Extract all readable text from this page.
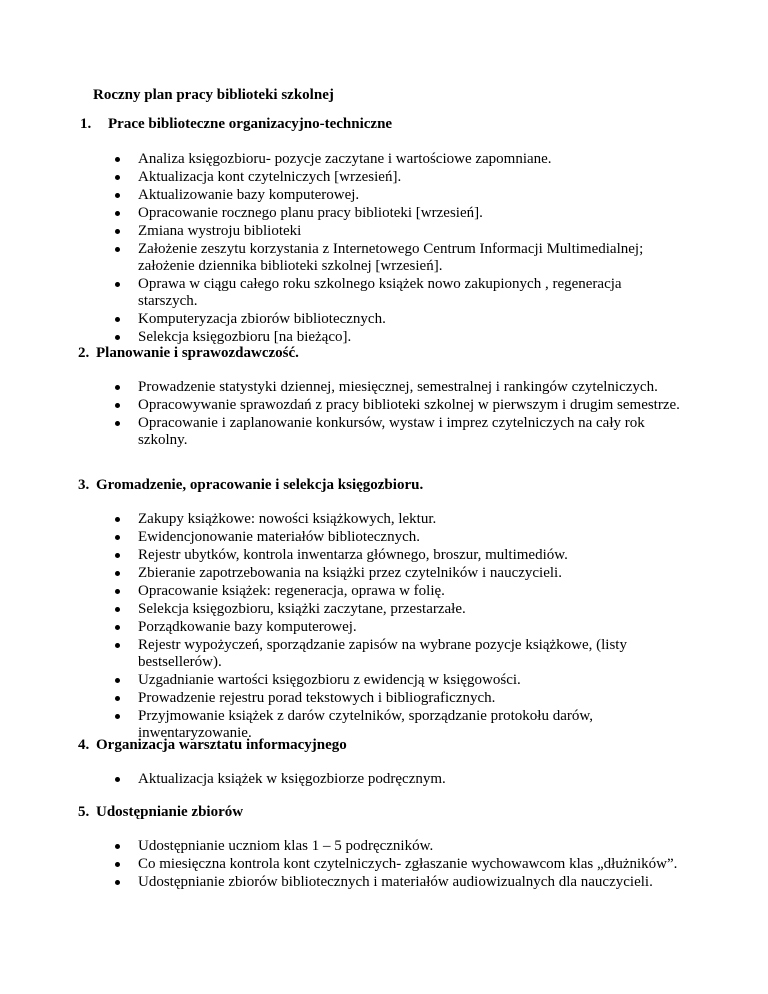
Roczny plan pracy biblioteki szkolnej
1. Prace biblioteczne organizacyjno-techniczne
Analiza księgozbioru- pozycje zaczytane i wartościowe zapomniane.
Aktualizacja kont czytelniczych [wrzesień].
Aktualizowanie bazy komputerowej.
Opracowanie rocznego planu pracy biblioteki [wrzesień].
Zmiana wystroju biblioteki
Założenie zeszytu korzystania z Internetowego Centrum Informacji Multimedialnej; założenie dziennika biblioteki szkolnej [wrzesień].
Oprawa w ciągu całego roku szkolnego książek nowo zakupionych , regeneracja starszych.
Komputeryzacja zbiorów bibliotecznych.
Selekcja księgozbioru [na bieżąco].
2. Planowanie i sprawozdawczość.
Prowadzenie statystyki dziennej, miesięcznej, semestralnej i rankingów czytelniczych.
Opracowywanie sprawozdań z pracy biblioteki szkolnej w pierwszym i drugim semestrze.
Opracowanie i zaplanowanie konkursów, wystaw i imprez czytelniczych na cały rok szkolny.
3. Gromadzenie, opracowanie i selekcja księgozbioru.
Zakupy książkowe: nowości książkowych, lektur.
Ewidencjonowanie materiałów bibliotecznych.
Rejestr ubytków, kontrola inwentarza głównego, broszur, multimediów.
Zbieranie zapotrzebowania na książki przez czytelników i nauczycieli.
Opracowanie książek: regeneracja, oprawa w folię.
Selekcja księgozbioru, książki zaczytane, przestarzałe.
Porządkowanie bazy komputerowej.
Rejestr wypożyczeń, sporządzanie zapisów na wybrane pozycje książkowe, (listy bestsellerów).
Uzgadnianie wartości księgozbioru z ewidencją w księgowości.
Prowadzenie rejestru porad tekstowych i bibliograficznych.
Przyjmowanie książek z darów czytelników, sporządzanie protokołu darów, inwentaryzowanie.
4. Organizacja warsztatu informacyjnego
Aktualizacja książek w księgozbiorze podręcznym.
5. Udostępnianie zbiorów
Udostępnianie uczniom klas 1 – 5 podręczników.
Co miesięczna kontrola kont czytelniczych- zgłaszanie wychowawcom klas „dłużników”.
Udostępnianie zbiorów bibliotecznych i materiałów audiowizualnych dla nauczycieli.
